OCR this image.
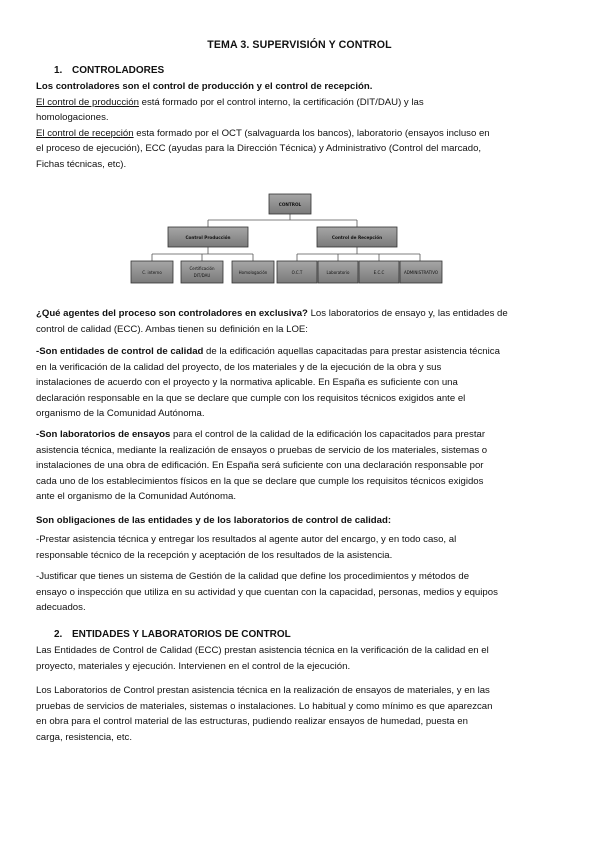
TEMA 3. SUPERVISIÓN Y CONTROL
1. CONTROLADORES

Los controladores son el control de producción y el control de recepción.

El control de producción está formado por el control interno, la certificación (DIT/DAU) y las
homologaciones.

El control de recepción esta formado por el OCT (salvaguarda los bancos), laboratorio (ensayos incluso en
el proceso de ejecución), ECC (ayudas para la Dirección Técnica) y Administrativo (Control del marcado,
Fichas técnicas, etc).

CONTROL
Control Producción	Control de Recepción
C. interno
Certificación
DIT/DAU
Homologación	O.C.T	Laboratorio	E.C.C	ADMINISTRATIVO

¿Qué agentes del proceso son controladores en exclusiva? Los laboratorios de ensayo y, las entidades de
control de calidad (ECC). Ambas tienen su definición en la LOE:

-Son entidades de control de calidad de la edificación aquellas capacitadas para prestar asistencia técnica
en la verificación de la calidad del proyecto, de los materiales y de la ejecución de la obra y sus
instalaciones de acuerdo con el proyecto y la normativa aplicable. En España es suficiente con una
declaración responsable en la que se declare que cumple con los requisitos técnicos exigidos ante el
organismo de la Comunidad Autónoma.

-Son laboratorios de ensayos para el control de la calidad de la edificación los capacitados para prestar
asistencia técnica, mediante la realización de ensayos o pruebas de servicio de los materiales, sistemas o
instalaciones de una obra de edificación. En España será suficiente con una declaración responsable por
cada uno de los establecimientos físicos en la que se declare que cumple los requisitos técnicos exigidos
ante el organismo de la Comunidad Autónoma.

Son obligaciones de las entidades y de los laboratorios de control de calidad:

-Prestar asistencia técnica y entregar los resultados al agente autor del encargo, y en todo caso, al
responsable técnico de la recepción y aceptación de los resultados de la asistencia.

-Justificar que tienes un sistema de Gestión de la calidad que define los procedimientos y métodos de
ensayo o inspección que utiliza en su actividad y que cuentan con la capacidad, personas, medios y equipos
adecuados.

2. ENTIDADES Y LABORATORIOS DE CONTROL

Las Entidades de Control de Calidad (ECC) prestan asistencia técnica en la verificación de la calidad en el
proyecto, materiales y ejecución. Intervienen en el control de la ejecución.

Los Laboratorios de Control prestan asistencia técnica en la realización de ensayos de materiales, y en las
pruebas de servicios de materiales, sistemas o instalaciones. Lo habitual y como mínimo es que aparezcan
en obra para el control material de las estructuras, pudiendo realizar ensayos de humedad, puesta en
carga, resistencia, etc.
